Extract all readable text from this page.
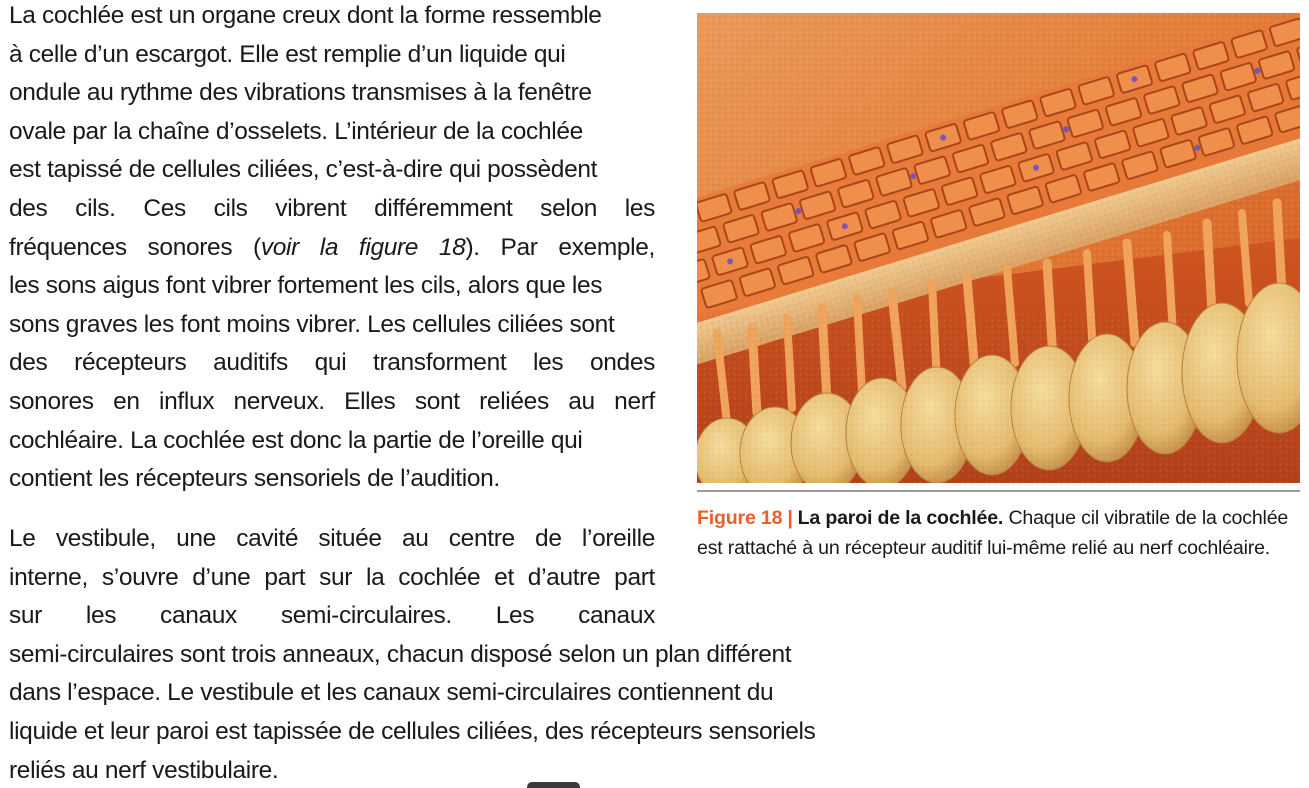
La cochlée est un organe creux dont la forme ressemble
à celle d’un escargot. Elle est remplie d’un liquide qui
ondule au rythme des vibrations transmises à la fenêtre
ovale par la chaîne d’osselets. L’intérieur de la cochlée
est tapissé de cellules ciliées, c’est-à-dire qui possèdent
des cils. Ces cils vibrent différemment selon les
fréquences sonores (voir la figure 18). Par exemple,
les sons aigus font vibrer fortement les cils, alors que les
sons graves les font moins vibrer. Les cellules ciliées sont
des récepteurs auditifs qui transforment les ondes
sonores en influx nerveux. Elles sont reliées au nerf
cochléaire. La cochlée est donc la partie de l’oreille qui
contient les récepteurs sensoriels de l’audition.
Le vestibule, une cavité située au centre de l’oreille
interne, s’ouvre d’une part sur la cochlée et d’autre part
sur les canaux semi-circulaires. Les canaux
semi-circulaires sont trois anneaux, chacun disposé selon un plan différent
dans l’espace. Le vestibule et les canaux semi-circulaires contiennent du
liquide et leur paroi est tapissée de cellules ciliées, des récepteurs sensoriels
reliés au nerf vestibulaire.

Figure 18 | La paroi de la cochlée. Chaque cil vibratile de la cochlée est rattaché à un récepteur auditif lui-même relié au nerf cochléaire.
